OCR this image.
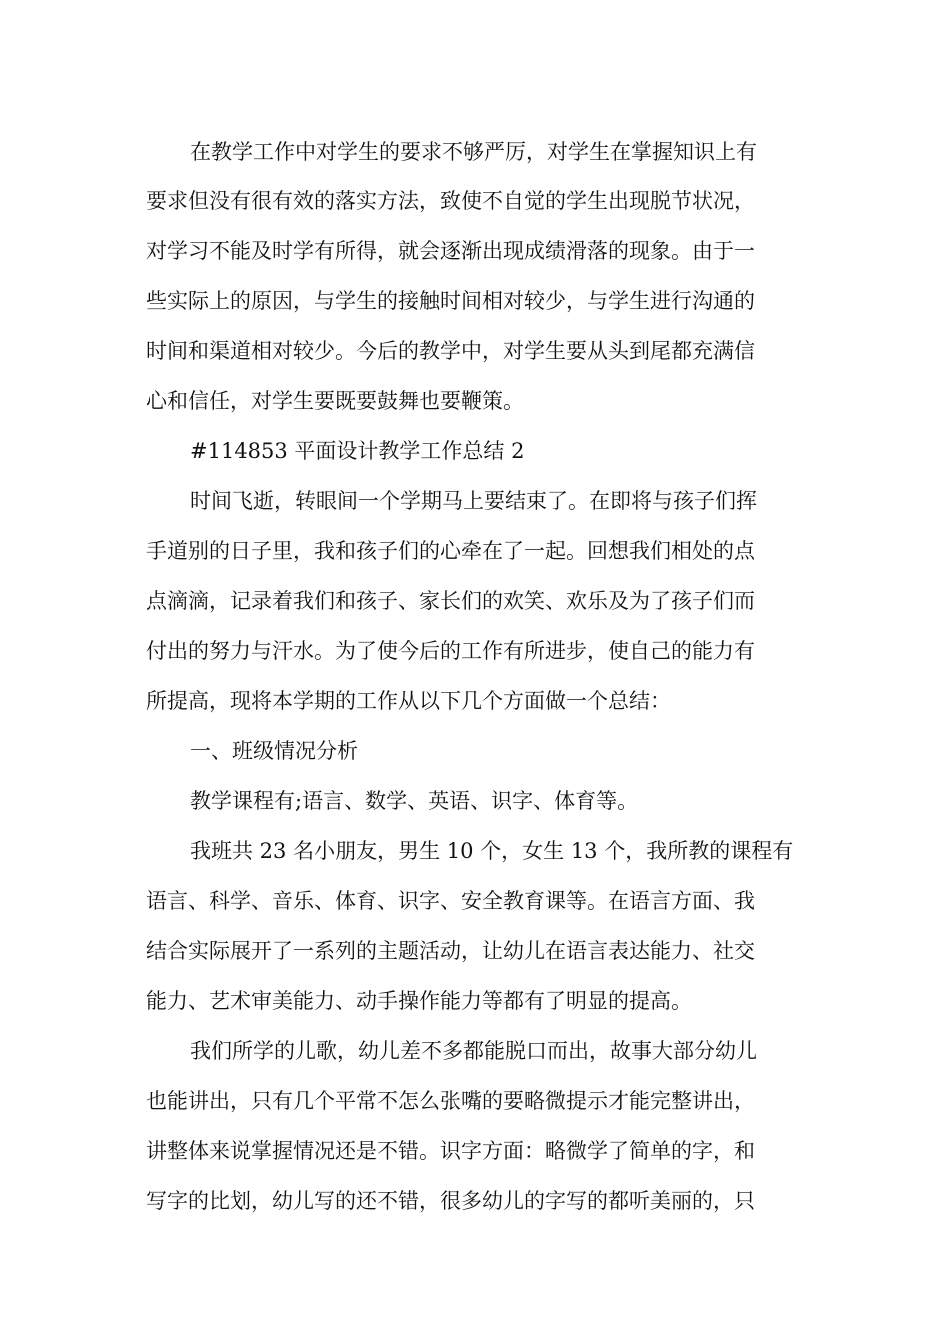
在教学工作中对学生的要求不够严厉，对学生在掌握知识上有
要求但没有很有效的落实方法，致使不自觉的学生出现脱节状况，
对学习不能及时学有所得，就会逐渐出现成绩滑落的现象。由于一
些实际上的原因，与学生的接触时间相对较少，与学生进行沟通的
时间和渠道相对较少。今后的教学中，对学生要从头到尾都充满信
心和信任，对学生要既要鼓舞也要鞭策。
#114853 平面设计教学工作总结 2
时间飞逝，转眼间一个学期马上要结束了。在即将与孩子们挥
手道别的日子里，我和孩子们的心牵在了一起。回想我们相处的点
点滴滴，记录着我们和孩子、家长们的欢笑、欢乐及为了孩子们而
付出的努力与汗水。为了使今后的工作有所进步，使自己的能力有
所提高，现将本学期的工作从以下几个方面做一个总结：
一、班级情况分析
教学课程有;语言、数学、英语、识字、体育等。
我班共 23 名小朋友，男生 10 个，女生 13 个，我所教的课程有
语言、科学、音乐、体育、识字、安全教育课等。在语言方面、我
结合实际展开了一系列的主题活动，让幼儿在语言表达能力、社交
能力、艺术审美能力、动手操作能力等都有了明显的提高。
我们所学的儿歌，幼儿差不多都能脱口而出，故事大部分幼儿
也能讲出，只有几个平常不怎么张嘴的要略微提示才能完整讲出，
讲整体来说掌握情况还是不错。识字方面：略微学了简单的字，和
写字的比划，幼儿写的还不错，很多幼儿的字写的都听美丽的，只
